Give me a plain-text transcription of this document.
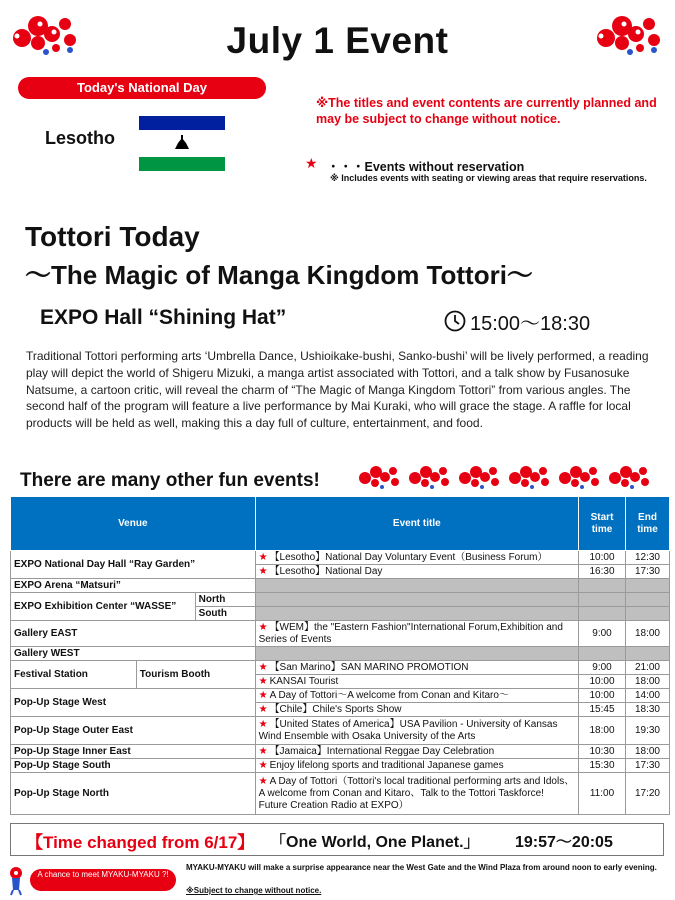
July 1 Event
Today's National Day
Lesotho
※The titles and event contents are currently planned and may be subject to change without notice.
★ ・・・Events without reservation
※ Includes events with seating or viewing areas that require reservations.
Tottori Today
～The Magic of Manga Kingdom Tottori～
EXPO Hall “Shining Hat”	15:00～18:30
Traditional Tottori performing arts ‘Umbrella Dance, Ushioikake-bushi, Sanko-bushi’ will be lively performed, a reading play will depict the world of Shigeru Mizuki, a manga artist associated with Tottori, and a talk show by Fusanosuke Natsume, a cartoon critic, will reveal the charm of “The Magic of Manga Kingdom Tottori” from various angles. The second half of the program will feature a live performance by Mai Kuraki, who will grace the stage. A raffle for local products will be held as well, making this a day full of culture, entertainment, and food.
There are many other fun events!
Venue			Event title	Start time	End time
EXPO National Day Hall “Ray Garden”			★ 【Lesotho】National Day Voluntary Event（Business Forum）	10:00	12:30
			★ 【Lesotho】National Day	16:30	17:30
EXPO Arena “Matsuri”					
EXPO Exhibition Center “WASSE”		North			
		South			
Gallery EAST			★ 【WEM】the "Eastern Fashion"International Forum,Exhibition and Series of Events	9:00	18:00
Gallery WEST					
Festival Station	Tourism Booth		★ 【San Marino】SAN MARINO PROMOTION	9:00	21:00
			★ KANSAI Tourist	10:00	18:00
Pop-Up Stage West			★ A Day of Tottori～A welcome from Conan and Kitaro～	10:00	14:00
			★ 【Chile】Chile's Sports Show	15:45	18:30
Pop-Up Stage Outer East			★ 【United States of America】USA Pavilion - University of Kansas Wind Ensemble with Osaka University of the Arts	18:00	19:30
Pop-Up Stage Inner East			★ 【Jamaica】International Reggae Day Celebration	10:30	18:00
Pop-Up Stage South			★ Enjoy lifelong sports and traditional Japanese games	15:30	17:30
Pop-Up Stage North			★ A Day of Tottori（Tottori's local traditional performing arts and Idols、A welcome from Conan and Kitaro、Talk to the Tottori Taskforce! Future Creation Radio at EXPO）	11:00	17:20
【Time changed from 6/17】 「One World, One Planet.」 19:57～20:05
A chance to meet MYAKU-MYAKU ?!
MYAKU-MYAKU will make a surprise appearance near the West Gate and the Wind Plaza from around noon to early evening.
※Subject to change without notice.
